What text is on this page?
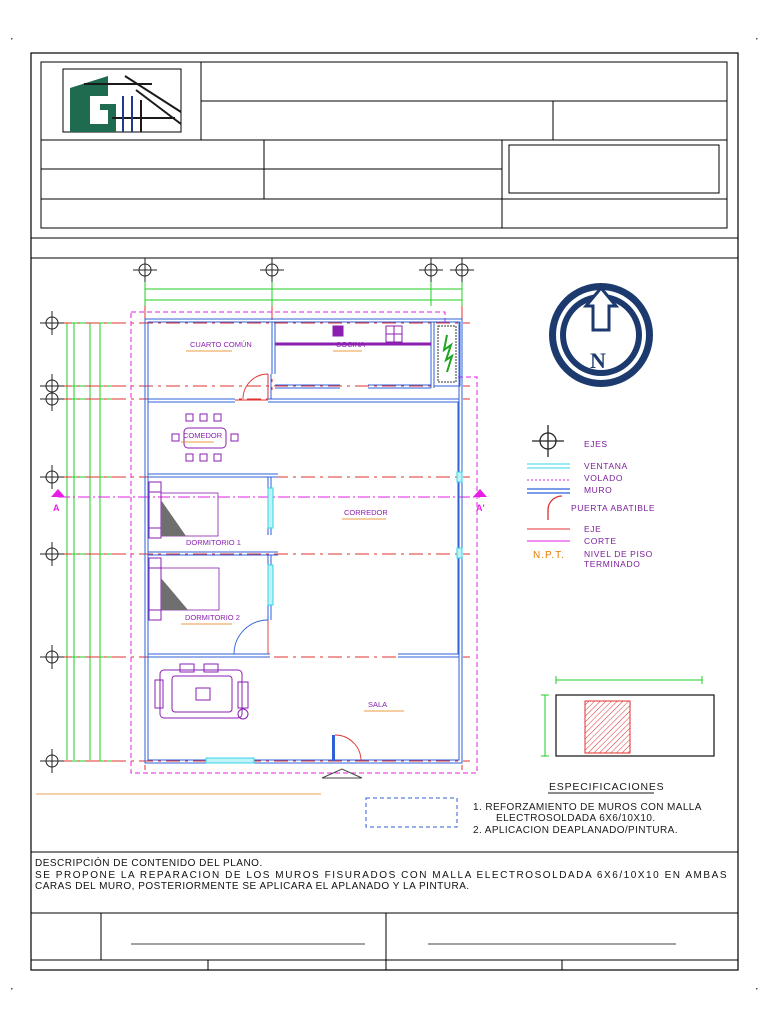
A	A'
CUARTO COMÚN	COCINA
COMEDOR
CORREDOR
DORMITORIO 1
DORMITORIO 2
SALA
N
EJES
VENTANA
VOLADO
MURO
PUERTA ABATIBLE
EJE
CORTE
N.P.T. NIVEL DE PISO
TERMINADO
ESPECIFICACIONES
1. REFORZAMIENTO DE MUROS CON MALLA
ELECTROSOLDADA 6X6/10X10.
2. APLICACION DEAPLANADO/PINTURA.
DESCRIPCIÓN DE CONTENIDO DEL PLANO.
SE PROPONE LA REPARACION DE LOS MUROS FISURADOS CON MALLA ELECTROSOLDADA 6X6/10X10 EN AMBAS
CARAS DEL MURO, POSTERIORMENTE SE APLICARA EL APLANADO Y LA PINTURA.
